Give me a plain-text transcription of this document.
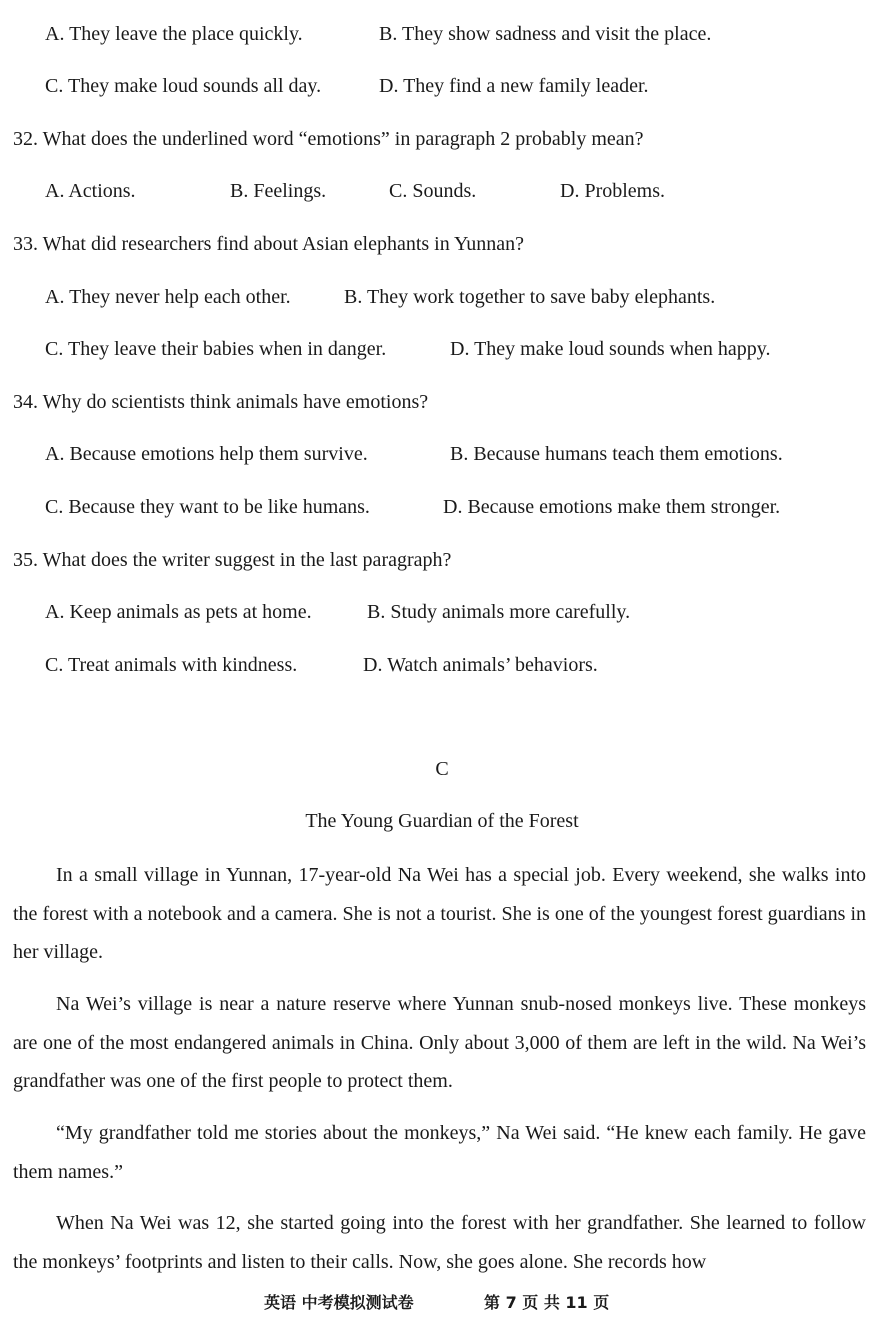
A. They leave the place quickly.	B. They show sadness and visit the place.
C. They make loud sounds all day.	D. They find a new family leader.
32. What does the underlined word “emotions” in paragraph 2 probably mean?
A. Actions.	B. Feelings.	C. Sounds.	D. Problems.
33. What did researchers find about Asian elephants in Yunnan?
A. They never help each other.	B. They work together to save baby elephants.
C. They leave their babies when in danger.	D. They make loud sounds when happy.
34. Why do scientists think animals have emotions?
A. Because emotions help them survive.	B. Because humans teach them emotions.
C. Because they want to be like humans.	D. Because emotions make them stronger.
35. What does the writer suggest in the last paragraph?
A. Keep animals as pets at home.	B. Study animals more carefully.
C. Treat animals with kindness.	D. Watch animals’ behaviors.
C
The Young Guardian of the Forest

In a small village in Yunnan, 17-year-old Na Wei has a special job. Every weekend, she walks into the forest with a notebook and a camera. She is not a tourist. She is one of the youngest forest guardians in her village.

Na Wei’s village is near a nature reserve where Yunnan snub-nosed monkeys live. These monkeys are one of the most endangered animals in China. Only about 3,000 of them are left in the wild. Na Wei’s grandfather was one of the first people to protect them.

“My grandfather told me stories about the monkeys,” Na Wei said. “He knew each family. He gave them names.”

When Na Wei was 12, she started going into the forest with her grandfather. She learned to follow the monkeys’ footprints and listen to their calls. Now, she goes alone. She records how

英语 中考模拟测试卷	第 7 页 共 11 页
